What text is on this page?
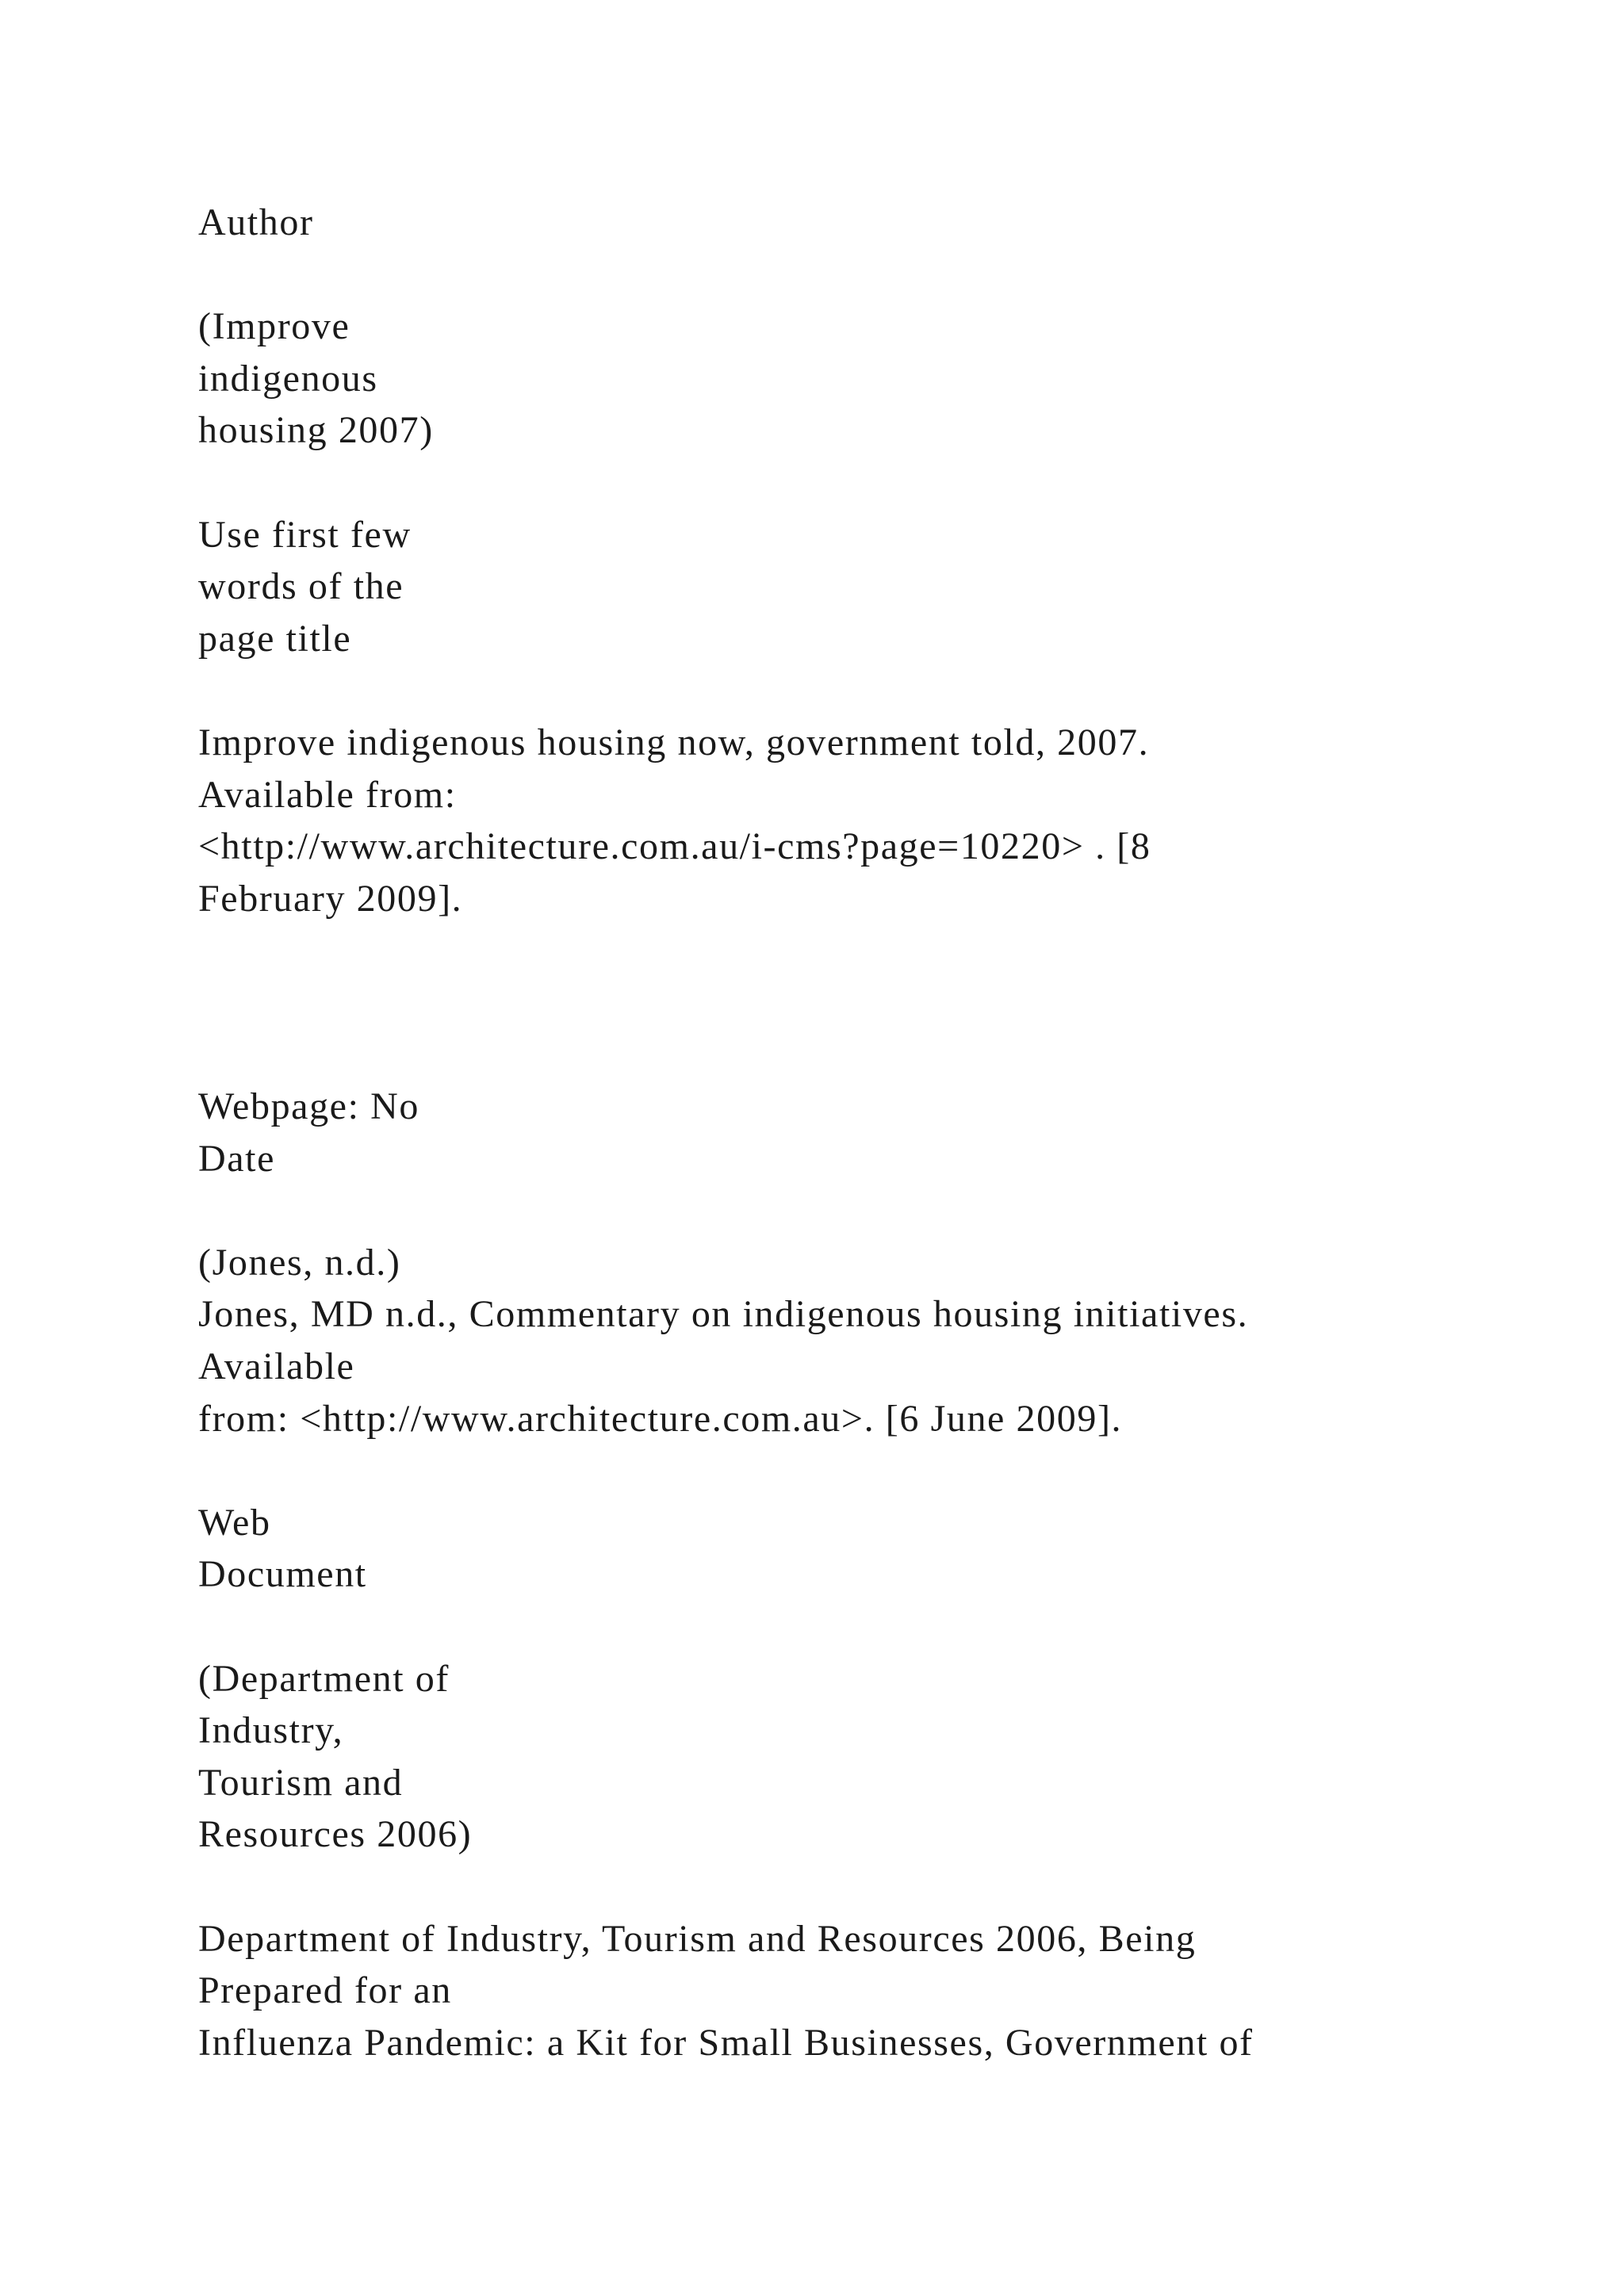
Author
(Improve
indigenous
housing 2007)
Use first few
words of the
page title
Improve indigenous housing now, government told, 2007.
Available from:
<http://www.architecture.com.au/i-cms?page=10220> . [8
February 2009].
Webpage: No
Date
(Jones, n.d.)
Jones, MD n.d., Commentary on indigenous housing initiatives.
Available
from: <http://www.architecture.com.au>. [6 June 2009].
Web
Document
(Department of
Industry,
Tourism and
Resources 2006)
Department of Industry, Tourism and Resources 2006, Being
Prepared for an
Influenza Pandemic: a Kit for Small Businesses, Government of
